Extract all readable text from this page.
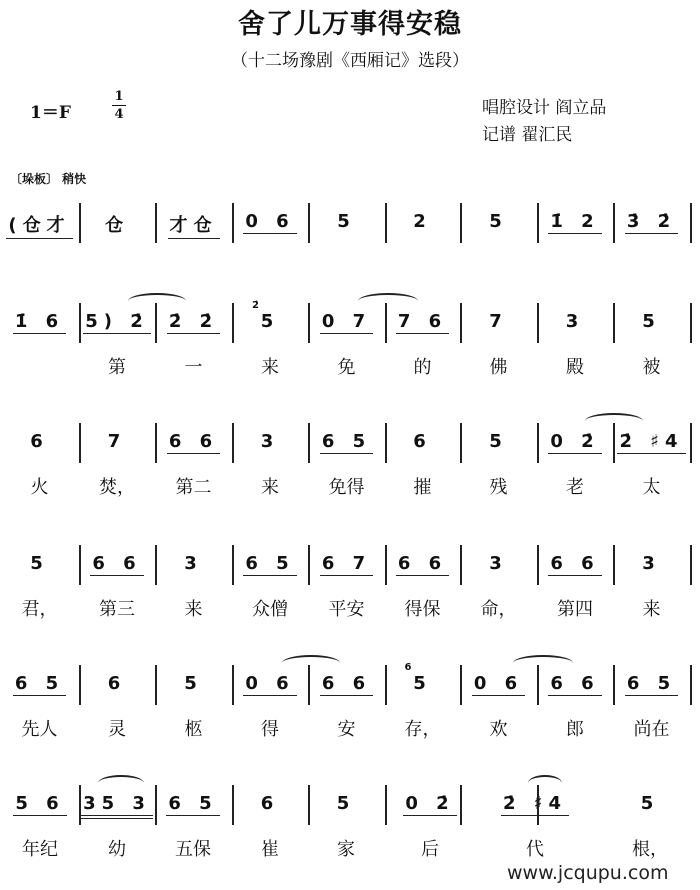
舍了儿万事得安稳
（十二场豫剧《西厢记》选段）
1＝F
1
4	唱腔设计 阎立品
记谱 翟汇民
〔垛板〕 稍快
(仓才	仓	才仓	0 6	5	2	5	1̇ 2	3̇ 2̇
1̇ 6	5) 2̇
第
2̇ 2̇
一
5
2̇
来
0 7
免
7 6
的
7
佛
3
殿
5
被
6
火
7
焚，
6 6
第二
3
来
6 5
免得
6
摧
5
残
0 2̇
老
2̇ ♯4
太
5
君，
6 6
第三
3
来
6 5
众僧
6 7
平安
6 6
得保
3
命，
6 6
第四
3
来
6 5
先人
6
灵
5
柩
0 6
得
6 6
安
5
6
存，
0 6
欢
6 6
郎
6 5
尚在
5 6
年纪
35 3
幼
6 5
五保
6
崔
5
家
0 2̇
后
2̇ ♯4
代
5
根，
www.jcqupu.com
